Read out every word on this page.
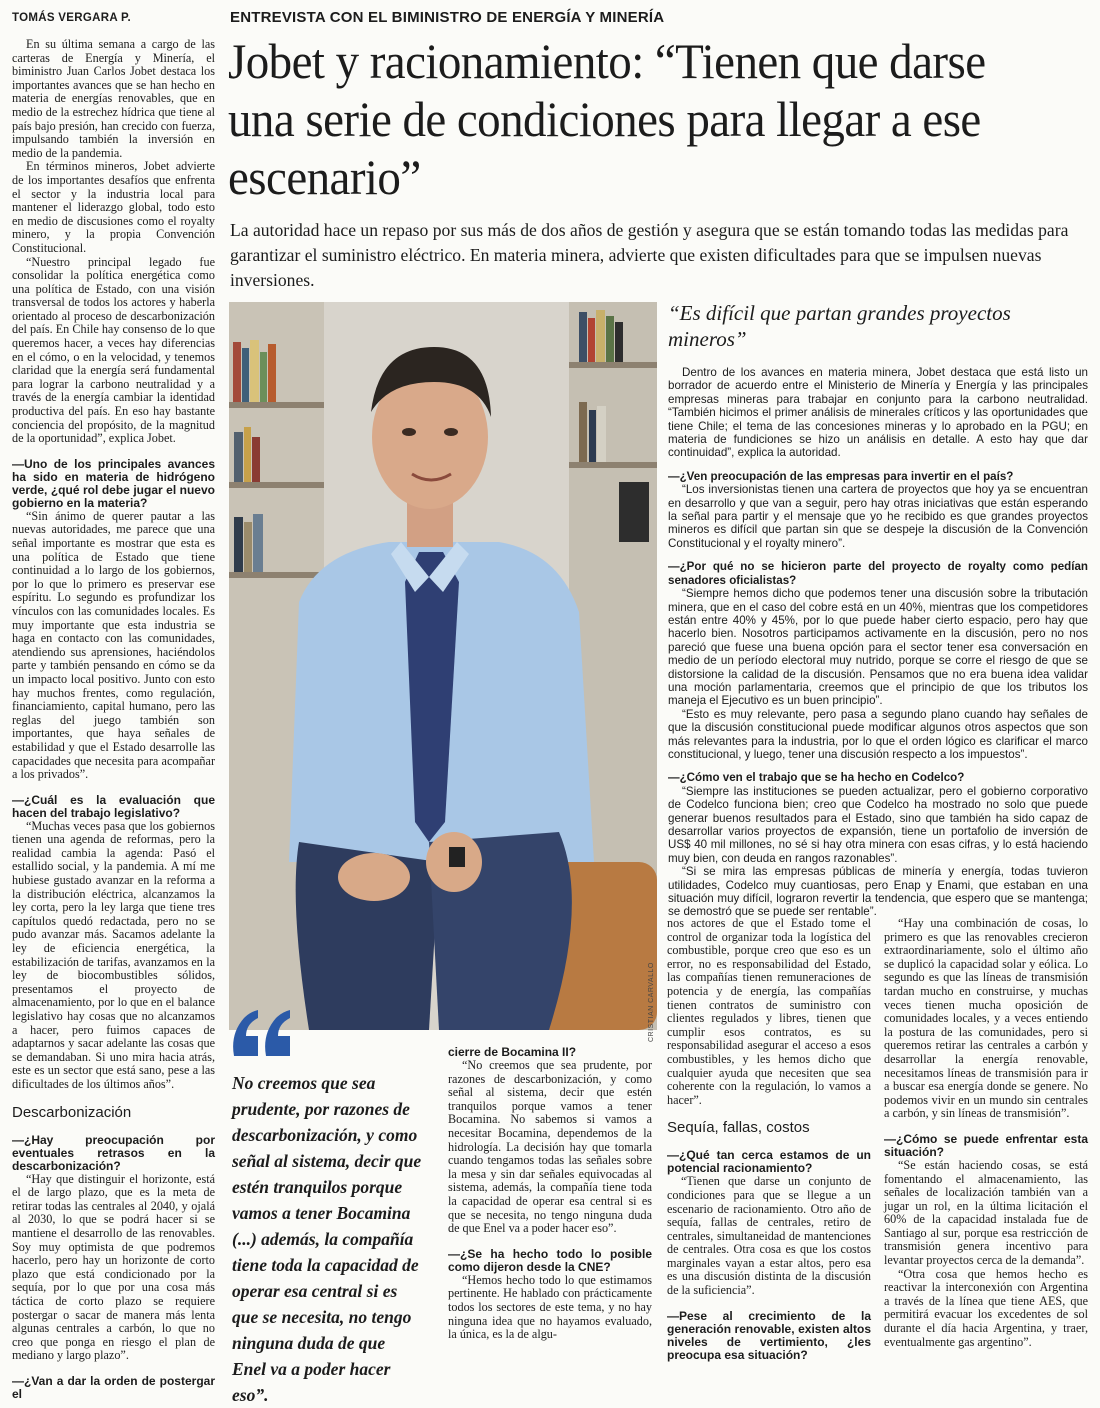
TOMÁS VERGARA P.	ENTREVISTA CON EL BIMINISTRO DE ENERGÍA Y MINERÍA
Jobet y racionamiento: “Tienen que darse una serie de condiciones para llegar a ese escenario”
La autoridad hace un repaso por sus más de dos años de gestión y asegura que se están tomando todas las medidas para garantizar el suministro eléctrico. En materia minera, advierte que existen dificultades para que se impulsen nuevas inversiones.

En su última semana a cargo de las carteras de Energía y Minería, el biministro Juan Carlos Jobet destaca los importantes avances que se han hecho en materia de energías renovables, que en medio de la estrechez hídrica que tiene al país bajo presión, han crecido con fuerza, impulsando también la inversión en medio de la pandemia.

En términos mineros, Jobet advierte de los importantes desafíos que enfrenta el sector y la industria local para mantener el liderazgo global, todo esto en medio de discusiones como el royalty minero, y la propia Convención Constitucional.

“Nuestro principal legado fue consolidar la política energética como una política de Estado, con una visión transversal de todos los actores y haberla orientado al proceso de descarbonización del país. En Chile hay consenso de lo que queremos hacer, a veces hay diferencias en el cómo, o en la velocidad, y tenemos claridad que la energía será fundamental para lograr la carbono neutralidad y a través de la energía cambiar la identidad productiva del país. En eso hay bastante conciencia del propósito, de la magnitud de la oportunidad”, explica Jobet.

—Uno de los principales avances ha sido en materia de hidrógeno verde, ¿qué rol debe jugar el nuevo gobierno en la materia?

“Sin ánimo de querer pautar a las nuevas autoridades, me parece que una señal importante es mostrar que esta es una política de Estado que tiene continuidad a lo largo de los gobiernos, por lo que lo primero es preservar ese espíritu. Lo segundo es profundizar los vínculos con las comunidades locales. Es muy importante que esta industria se haga en contacto con las comunidades, atendiendo sus aprensiones, haciéndolos parte y también pensando en cómo se da un impacto local positivo. Junto con esto hay muchos frentes, como regulación, financiamiento, capital humano, pero las reglas del juego también son importantes, que haya señales de estabilidad y que el Estado desarrolle las capacidades que necesita para acompañar a los privados”.

—¿Cuál es la evaluación que hacen del trabajo legislativo?

“Muchas veces pasa que los gobiernos tienen una agenda de reformas, pero la realidad cambia la agenda: Pasó el estallido social, y la pandemia. A mí me hubiese gustado avanzar en la reforma a la distribución eléctrica, alcanzamos la ley corta, pero la ley larga que tiene tres capítulos quedó redactada, pero no se pudo avanzar más. Sacamos adelante la ley de eficiencia energética, la estabilización de tarifas, avanzamos en la ley de biocombustibles sólidos, presentamos el proyecto de almacenamiento, por lo que en el balance legislativo hay cosas que no alcanzamos a hacer, pero fuimos capaces de adaptarnos y sacar adelante las cosas que se demandaban. Si uno mira hacia atrás, este es un sector que está sano, pese a las dificultades de los últimos años”.

Descarbonización

—¿Hay preocupación por eventuales retrasos en la descarbonización?

“Hay que distinguir el horizonte, está el de largo plazo, que es la meta de retirar todas las centrales al 2040, y ojalá al 2030, lo que se podrá hacer si se mantiene el desarrollo de las renovables. Soy muy optimista de que podremos hacerlo, pero hay un horizonte de corto plazo que está condicionado por la sequía, por lo que por una cosa más táctica de corto plazo se requiere postergar o sacar de manera más lenta algunas centrales a carbón, lo que no creo que ponga en riesgo el plan de mediano y largo plazo”.

—¿Van a dar la orden de postergar el

CRISTIAN CARVALLO
“Es difícil que partan grandes proyectos mineros”

Dentro de los avances en materia minera, Jobet destaca que está listo un borrador de acuerdo entre el Ministerio de Minería y Energía y las principales empresas mineras para trabajar en conjunto para la carbono neutralidad. “También hicimos el primer análisis de minerales críticos y las oportunidades que tiene Chile; el tema de las concesiones mineras y lo aprobado en la PGU; en materia de fundiciones se hizo un análisis en detalle. A esto hay que dar continuidad”, explica la autoridad.

—¿Ven preocupación de las empresas para invertir en el país?

“Los inversionistas tienen una cartera de proyectos que hoy ya se encuentran en desarrollo y que van a seguir, pero hay otras iniciativas que están esperando la señal para partir y el mensaje que yo he recibido es que grandes proyectos mineros es difícil que partan sin que se despeje la discusión de la Convención Constitucional y el royalty minero”.

—¿Por qué no se hicieron parte del proyecto de royalty como pedían senadores oficialistas?

“Siempre hemos dicho que podemos tener una discusión sobre la tributación minera, que en el caso del cobre está en un 40%, mientras que los competidores están entre 40% y 45%, por lo que puede haber cierto espacio, pero hay que hacerlo bien. Nosotros participamos activamente en la discusión, pero no nos pareció que fuese una buena opción para el sector tener esa conversación en medio de un período electoral muy nutrido, porque se corre el riesgo de que se distorsione la calidad de la discusión. Pensamos que no era buena idea validar una moción parlamentaria, creemos que el principio de que los tributos los maneja el Ejecutivo es un buen principio”.

“Esto es muy relevante, pero pasa a segundo plano cuando hay señales de que la discusión constitucional puede modificar algunos otros aspectos que son más relevantes para la industria, por lo que el orden lógico es clarificar el marco constitucional, y luego, tener una discusión respecto a los impuestos”.

—¿Cómo ven el trabajo que se ha hecho en Codelco?

“Siempre las instituciones se pueden actualizar, pero el gobierno corporativo de Codelco funciona bien; creo que Codelco ha mostrado no solo que puede generar buenos resultados para el Estado, sino que también ha sido capaz de desarrollar varios proyectos de expansión, tiene un portafolio de inversión de US$ 40 mil millones, no sé si hay otra minera con esas cifras, y lo está haciendo muy bien, con deuda en rangos razonables”.

“Si se mira las empresas públicas de minería y energía, todas tuvieron utilidades, Codelco muy cuantiosas, pero Enap y Enami, que estaban en una situación muy difícil, lograron revertir la tendencia, que espero que se mantenga; se demostró que se puede ser rentable”.

No creemos que sea prudente, por razones de descarbonización, y como señal al sistema, decir que estén tranquilos porque vamos a tener Bocamina (...) además, la compañía tiene toda la capacidad de operar esa central si es que se necesita, no tengo ninguna duda de que Enel va a poder hacer eso”.

cierre de Bocamina II?

“No creemos que sea prudente, por razones de descarbonización, y como señal al sistema, decir que estén tranquilos porque vamos a tener Bocamina. No sabemos si vamos a necesitar Bocamina, dependemos de la hidrología. La decisión hay que tomarla cuando tengamos todas las señales sobre la mesa y sin dar señales equivocadas al sistema, además, la compañía tiene toda la capacidad de operar esa central si es que se necesita, no tengo ninguna duda de que Enel va a poder hacer eso”.

—¿Se ha hecho todo lo posible como dijeron desde la CNE?

“Hemos hecho todo lo que estimamos pertinente. He hablado con prácticamente todos los sectores de este tema, y no hay ninguna idea que no hayamos evaluado, la única, es la de algu-

nos actores de que el Estado tome el control de organizar toda la logística del combustible, porque creo que eso es un error, no es responsabilidad del Estado, las compañías tienen remuneraciones de potencia y de energía, las compañías tienen contratos de suministro con clientes regulados y libres, tienen que cumplir esos contratos, es su responsabilidad asegurar el acceso a esos combustibles, y les hemos dicho que cualquier ayuda que necesiten que sea coherente con la regulación, lo vamos a hacer”.

Sequía, fallas, costos

—¿Qué tan cerca estamos de un potencial racionamiento?

“Tienen que darse un conjunto de condiciones para que se llegue a un escenario de racionamiento. Otro año de sequía, fallas de centrales, retiro de centrales, simultaneidad de mantenciones de centrales. Otra cosa es que los costos marginales vayan a estar altos, pero esa es una discusión distinta de la discusión de la suficiencia”.

—Pese al crecimiento de la generación renovable, existen altos niveles de vertimiento, ¿les preocupa esa situación?

“Hay una combinación de cosas, lo primero es que las renovables crecieron extraordinariamente, solo el último año se duplicó la capacidad solar y eólica. Lo segundo es que las líneas de transmisión tardan mucho en construirse, y muchas veces tienen mucha oposición de comunidades locales, y a veces entiendo la postura de las comunidades, pero si queremos retirar las centrales a carbón y desarrollar la energía renovable, necesitamos líneas de transmisión para ir a buscar esa energía donde se genere. No podemos vivir en un mundo sin centrales a carbón, y sin líneas de transmisión”.

—¿Cómo se puede enfrentar esta situación?

“Se están haciendo cosas, se está fomentando el almacenamiento, las señales de localización también van a jugar un rol, en la última licitación el 60% de la capacidad instalada fue de Santiago al sur, porque esa restricción de transmisión genera incentivo para levantar proyectos cerca de la demanda”.

“Otra cosa que hemos hecho es reactivar la interconexión con Argentina a través de la línea que tiene AES, que permitirá evacuar los excedentes de sol durante el día hacia Argentina, y traer, eventualmente gas argentino”.
